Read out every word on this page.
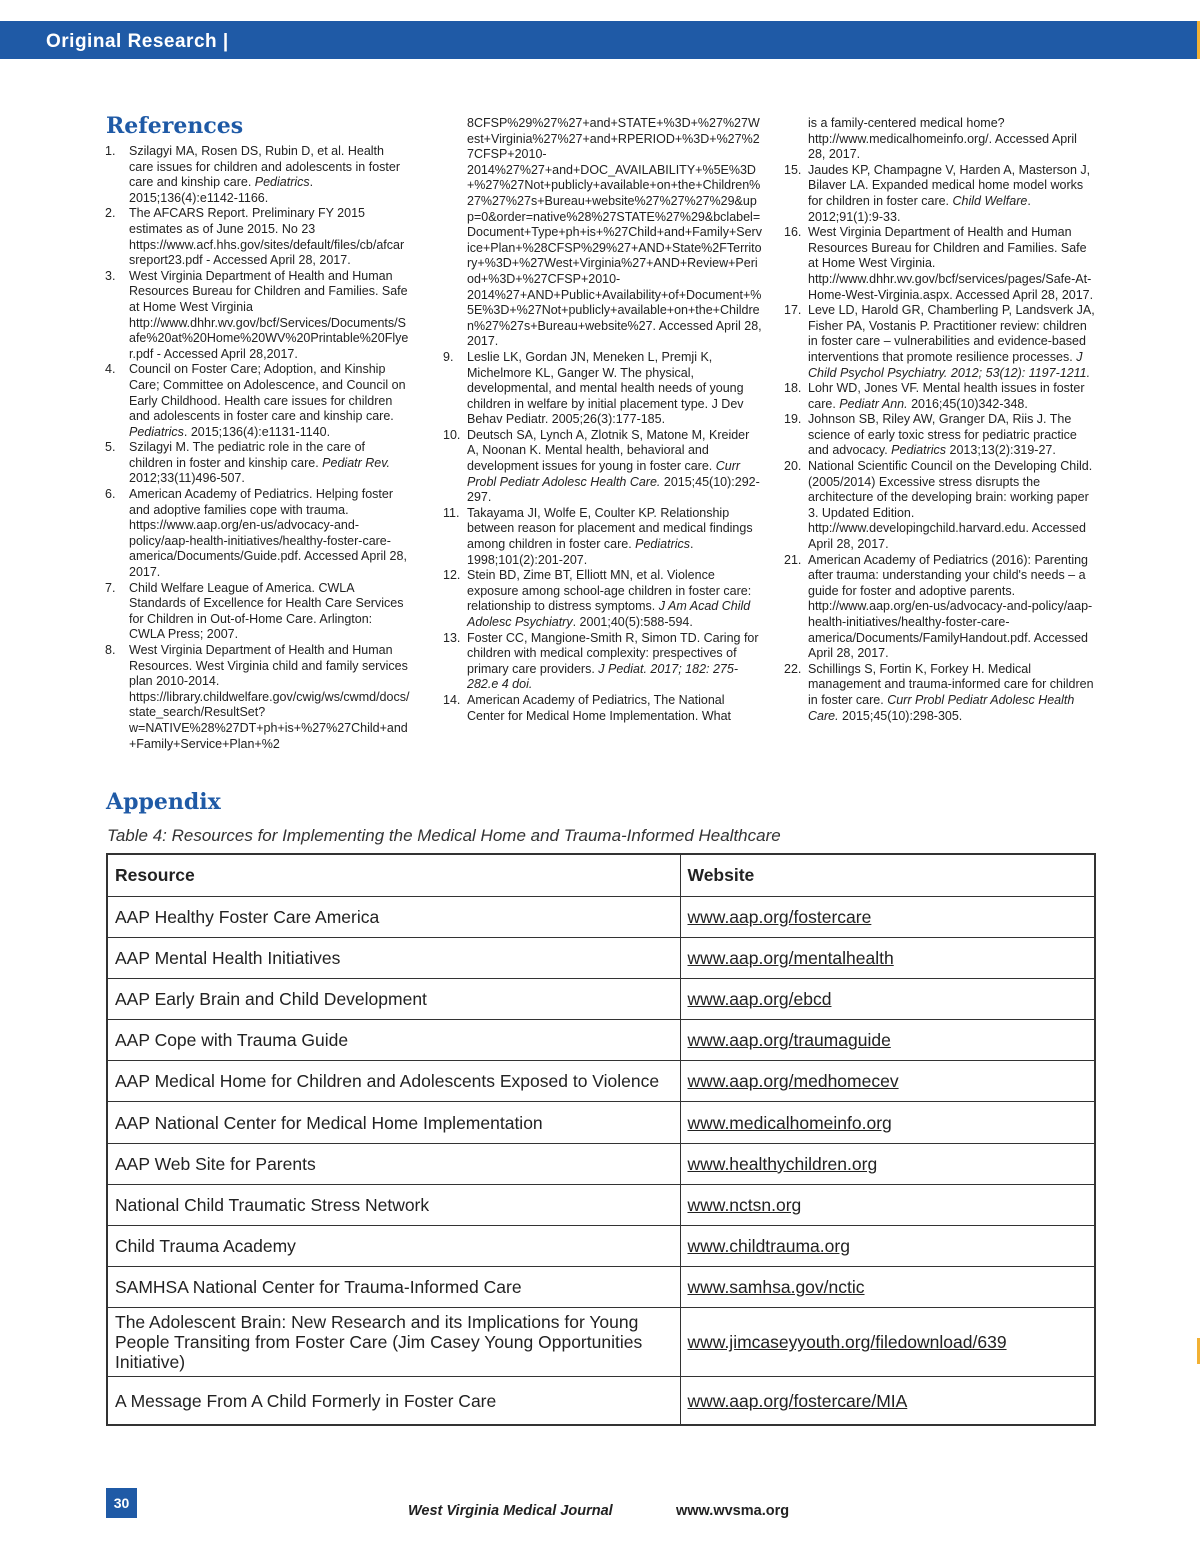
Original Research |
References
1.	Szilagyi MA, Rosen DS, Rubin D, et al. Health care issues for children and adolescents in foster care and kinship care. Pediatrics. 2015;136(4):e1142-1166.
2.	The AFCARS Report. Preliminary FY 2015 estimates as of June 2015. No 23 https://www.acf.hhs.gov/sites/default/files/cb/afcarsreport23.pdf - Accessed April 28, 2017.
3.	West Virginia Department of Health and Human Resources Bureau for Children and Families. Safe at Home West Virginia http://www.dhhr.wv.gov/bcf/Services/Documents/Safe%20at%20Home%20WV%20Printable%20Flyer.pdf - Accessed April 28,2017.
4.	Council on Foster Care; Adoption, and Kinship Care; Committee on Adolescence, and Council on Early Childhood. Health care issues for children and adolescents in foster care and kinship care. Pediatrics. 2015;136(4):e1131-1140.
5.	Szilagyi M. The pediatric role in the care of children in foster and kinship care. Pediatr Rev. 2012;33(11)496-507.
6.	American Academy of Pediatrics. Helping foster and adoptive families cope with trauma. https://www.aap.org/en-us/advocacy-and-policy/aap-health-initiatives/healthy-foster-care-america/Documents/Guide.pdf. Accessed April 28, 2017.
7.	Child Welfare League of America. CWLA Standards of Excellence for Health Care Services for Children in Out-of-Home Care. Arlington: CWLA Press; 2007.
8.	West Virginia Department of Health and Human Resources. West Virginia child and family services plan 2010-2014. https://library.childwelfare.gov/cwig/ws/cwmd/docs/state_search/ResultSet?w=NATIVE%28%27DT+ph+is+%27%27Child+and+Family+Service+Plan+%2
8CFSP%29%27%27+and+STATE+%3D+%27%27West+Virginia%27%27+and+RPERIOD+%3D+%27%27CFSP+2010-2014%27%27+and+DOC_AVAILABILITY+%5E%3D+%27%27Not+publicly+available+on+the+Children%27%27%27s+Bureau+website%27%27%27%29&upp=0&order=native%28%27STATE%27%29&bclabel=Document+Type+ph+is+%27Child+and+Family+Service+Plan+%28CFSP%29%27+AND+State%2FTerritory+%3D+%27West+Virginia%27+AND+Review+Period+%3D+%27CFSP+2010-2014%27+AND+Public+Availability+of+Document+%5E%3D+%27Not+publicly+available+on+the+Children%27%27s+Bureau+website%27. Accessed April 28, 2017.
9.	Leslie LK, Gordan JN, Meneken L, Premji K, Michelmore KL, Ganger W. The physical, developmental, and mental health needs of young children in welfare by initial placement type. J Dev Behav Pediatr. 2005;26(3):177-185.
10. Deutsch SA, Lynch A, Zlotnik S, Matone M, Kreider A, Noonan K. Mental health, behavioral and development issues for young in foster care. Curr Probl Pediatr Adolesc Health Care. 2015;45(10):292-297.
11. Takayama JI, Wolfe E, Coulter KP. Relationship between reason for placement and medical findings among children in foster care. Pediatrics. 1998;101(2):201-207.
12. Stein BD, Zime BT, Elliott MN, et al. Violence exposure among school-age children in foster care: relationship to distress symptoms. J Am Acad Child Adolesc Psychiatry. 2001;40(5):588-594.
13. Foster CC, Mangione-Smith R, Simon TD. Caring for children with medical complexity: prespectives of primary care providers. J Pediat. 2017; 182: 275-282.e 4 doi.
14. American Academy of Pediatrics, The National Center for Medical Home Implementation. What
is a family-centered medical home? http://www.medicalhomeinfo.org/. Accessed April 28, 2017.
15. Jaudes KP, Champagne V, Harden A, Masterson J, Bilaver LA. Expanded medical home model works for children in foster care. Child Welfare. 2012;91(1):9-33.
16. West Virginia Department of Health and Human Resources Bureau for Children and Families. Safe at Home West Virginia. http://www.dhhr.wv.gov/bcf/services/pages/Safe-At-Home-West-Virginia.aspx. Accessed April 28, 2017.
17. Leve LD, Harold GR, Chamberling P, Landsverk JA, Fisher PA, Vostanis P. Practitioner review: children in foster care – vulnerabilities and evidence-based interventions that promote resilience processes. J Child Psychol Psychiatry. 2012; 53(12): 1197-1211.
18. Lohr WD, Jones VF. Mental health issues in foster care. Pediatr Ann. 2016;45(10)342-348.
19. Johnson SB, Riley AW, Granger DA, Riis J. The science of early toxic stress for pediatric practice and advocacy. Pediatrics 2013;13(2):319-27.
20. National Scientific Council on the Developing Child. (2005/2014) Excessive stress disrupts the architecture of the developing brain: working paper 3. Updated Edition. http://www.developingchild.harvard.edu. Accessed April 28, 2017.
21. American Academy of Pediatrics (2016): Parenting after trauma: understanding your child's needs – a guide for foster and adoptive parents. http://www.aap.org/en-us/advocacy-and-policy/aap-health-initiatives/healthy-foster-care-america/Documents/FamilyHandout.pdf. Accessed April 28, 2017.
22. Schillings S, Fortin K, Forkey H. Medical management and trauma-informed care for children in foster care. Curr Probl Pediatr Adolesc Health Care. 2015;45(10):298-305.
Appendix
Table 4: Resources for Implementing the Medical Home and Trauma-Informed Healthcare
Resource	Website
AAP Healthy Foster Care America	www.aap.org/fostercare
AAP Mental Health Initiatives	www.aap.org/mentalhealth
AAP Early Brain and Child Development	www.aap.org/ebcd
AAP Cope with Trauma Guide	www.aap.org/traumaguide
AAP Medical Home for Children and Adolescents Exposed to Violence	www.aap.org/medhomecev
AAP National Center for Medical Home Implementation	www.medicalhomeinfo.org
AAP Web Site for Parents	www.healthychildren.org
National Child Traumatic Stress Network	www.nctsn.org
Child Trauma Academy	www.childtrauma.org
SAMHSA National Center for Trauma-Informed Care	www.samhsa.gov/nctic
The Adolescent Brain: New Research and its Implications for Young People Transiting from Foster Care (Jim Casey Young Opportunities Initiative)	www.jimcaseyyouth.org/filedownload/639
A Message From A Child Formerly in Foster Care	www.aap.org/fostercare/MIA
30	West Virginia Medical Journal	www.wvsma.org
